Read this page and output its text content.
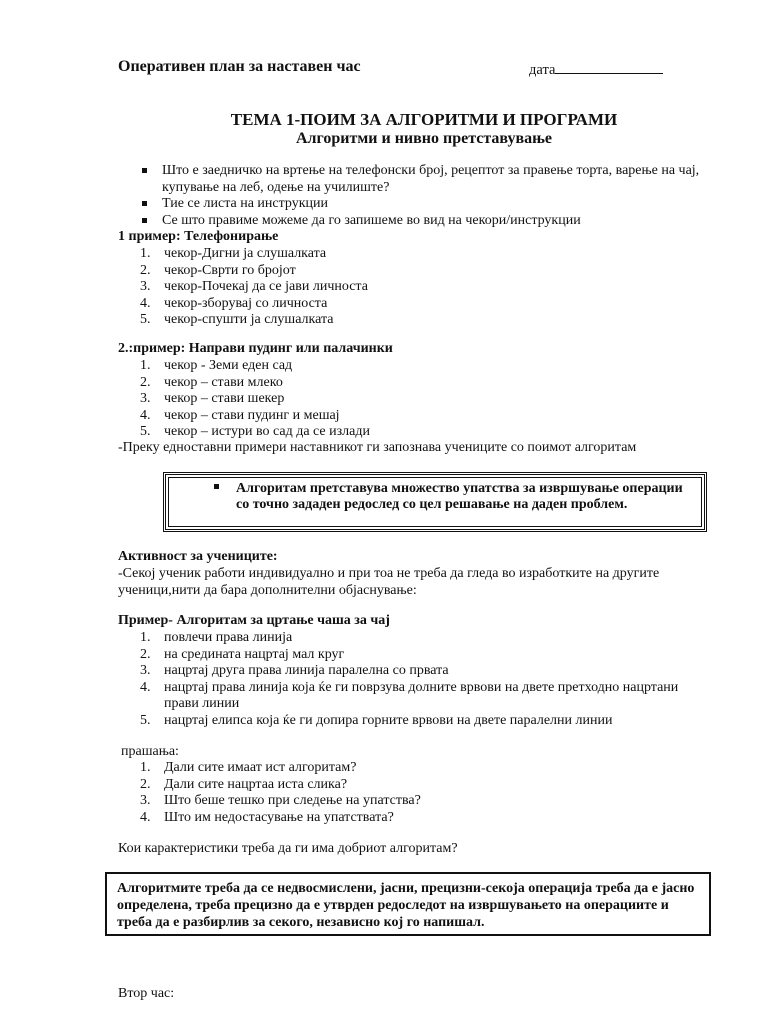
Оперативен план за наставен час	дата
ТЕМА 1-ПОИМ ЗА АЛГОРИТМИ И ПРОГРАМИ
Алгоритми и нивно претставување
Што е заедничко на вртење на телефонски број, рецептот за правење торта, варење на чај, купување на леб, одење на училиште?
Тие се листа на инструкции
Се што правиме можеме да го запишеме во вид на чекори/инструкции
1 пример: Телефонирање
1. чекор-Дигни ја слушалката
2. чекор-Сврти го бројот
3. чекор-Почекај да се јави личноста
4. чекор-зборувај со личноста
5. чекор-спушти ја слушалката
2.:пример: Направи пудинг или палачинки
1. чекор - Земи еден сад
2. чекор – стави млеко
3. чекор – стави шекер
4. чекор – стави пудинг и мешај
5. чекор – истури во сад да се излади
-Преку едноставни примери наставникот ги запознава учениците со поимот алгоритам
Алгоритам претставува множество упатства за извршување операции со точно зададен редослед со цел решавање на даден проблем.
Активност за учениците:
-Секој ученик работи индивидуално и при тоа не треба да гледа во изработките на другите ученици,нити да бара дополнителни објаснување:
Пример- Алгоритам за цртање чаша за чај
1. повлечи права линија
2. на средината нацртај мал круг
3. нацртај друга права линија паралелна со првата
4. нацртај права линија која ќе ги поврзува долните врвови на двете претходно нацртани прави линии
5. нацртај елипса која ќе ги допира горните врвови на двете паралелни линии
прашања:
1. Дали сите имаат ист алгоритам?
2. Дали сите нацртаа иста слика?
3. Што беше тешко при следење на упатства?
4. Што им недостасување на упатствата?
Кои карактеристики треба да ги има добриот алгоритам?
Алгоритмите треба да се недвосмислени, јасни, прецизни-секоја операција треба да е јасно определена, треба прецизно да е утврден редоследот на извршувањето на операциите и треба да е разбирлив за секого, независно кој го напишал.
Втор час:
